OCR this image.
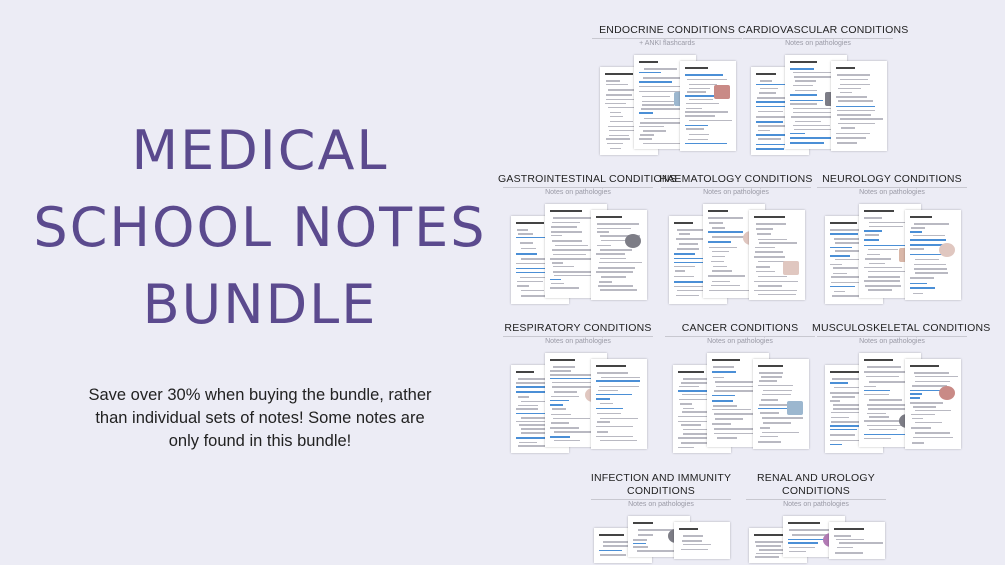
MEDICAL
SCHOOL NOTES
BUNDLE
Save over 30% when buying the bundle, rather than individual sets of notes! Some notes are only found in this bundle!
ENDOCRINE CONDITIONS
+ ANKI flashcards
CARDIOVASCULAR CONDITIONS
Notes on pathologies
GASTROINTESTINAL CONDITIONS
Notes on pathologies
HAEMATOLOGY CONDITIONS
Notes on pathologies
NEUROLOGY CONDITIONS
Notes on pathologies
RESPIRATORY CONDITIONS
Notes on pathologies
CANCER CONDITIONS
Notes on pathologies
MUSCULOSKELETAL CONDITIONS
Notes on pathologies
INFECTION AND IMMUNITY CONDITIONS
Notes on pathologies
RENAL AND UROLOGY CONDITIONS
Notes on pathologies
